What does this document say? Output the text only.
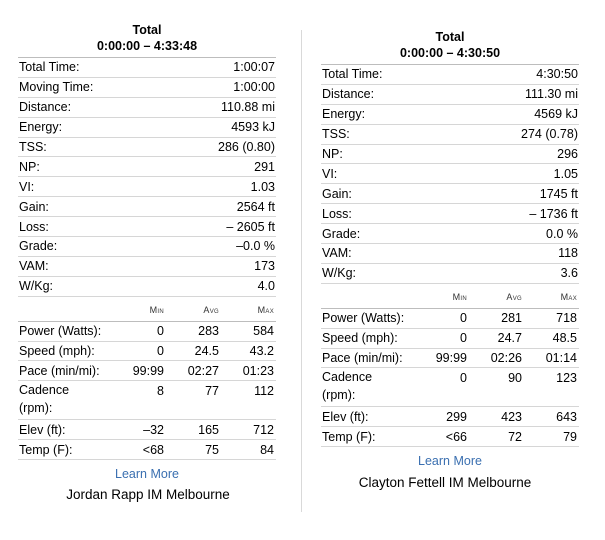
Total
0:00:00 – 4:33:48
Total Time:	1:00:07
Moving Time:	1:00:00
Distance:	110.88 mi
Energy:	4593 kJ
TSS:	286 (0.80)
NP:	291
VI:	1.03
Gain:	2564 ft
Loss:	– 2605 ft
Grade:	–0.0 %
VAM:	173
W/Kg:	4.0
Min	Avg	Max
Power (Watts):	0	283	584
Speed (mph):	0	24.5	43.2
Pace (min/mi):	99:99	02:27	01:23
Cadence (rpm):
8	77	112
Elev (ft):	–32	165	712
Temp (F):	<68	75	84
Learn More
Total
0:00:00 – 4:30:50
Total Time:	4:30:50
Distance:	111.30 mi
Energy:	4569 kJ
TSS:	274 (0.78)
NP:	296
VI:	1.05
Gain:	1745 ft
Loss:	– 1736 ft
Grade:	0.0 %
VAM:	118
W/Kg:	3.6
Min	Avg	Max
Power (Watts):	0	281	718
Speed (mph):	0	24.7	48.5
Pace (min/mi):	99:99	02:26	01:14
Cadence (rpm):
0	90	123
Elev (ft):	299	423	643
Temp (F):	<66	72	79
Learn More
Jordan Rapp IM Melbourne
Clayton Fettell IM Melbourne
